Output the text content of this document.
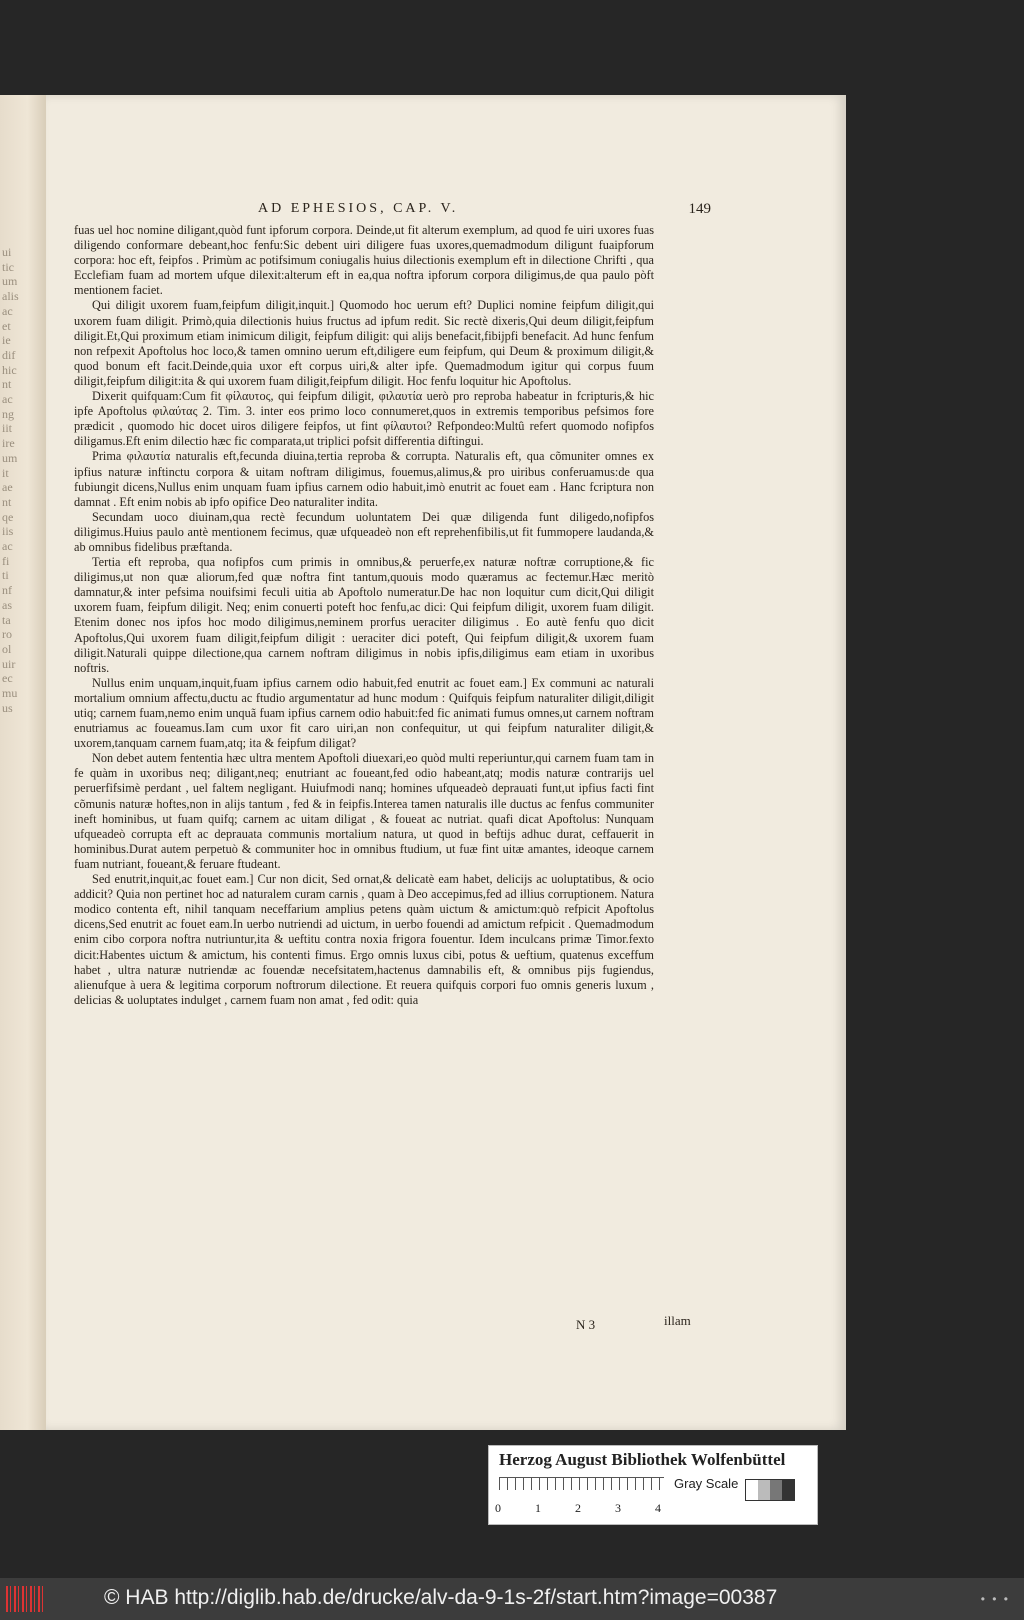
ui
tic
um
alis
ac
et
ie
dif
hic
nt
ac
ng
iit
ire
um
it
ae
nt
qe
iis
ac
fi
ti
nf
as
ta
ro
ol
uir
ec
mu
us
AD EPHESIOS, CAP. V.	149

fuas uel hoc nomine diligant,quòd funt ipforum corpora. Deinde,ut fit alterum exemplum, ad quod fe uiri uxores fuas diligendo conformare debeant,hoc fenfu:Sic debent uiri diligere fuas uxores,quemadmodum diligunt fuaipforum corpora: hoc eft, feipfos . Primùm ac potifsimum coniugalis huius dilectionis exemplum eft in dilectione Chrifti , qua Ecclefiam fuam ad mortem ufque dilexit:alterum eft in ea,qua noftra ipforum corpora diligimus,de qua paulo pòft mentionem faciet.

Qui diligit uxorem fuam,feipfum diligit,inquit.] Quomodo hoc uerum eft? Duplici nomine feipfum diligit,qui uxorem fuam diligit. Primò,quia dilectionis huius fructus ad ipfum redit. Sic rectè dixeris,Qui deum diligit,feipfum diligit.Et,Qui proximum etiam inimicum diligit, feipfum diligit: qui alijs benefacit,fibijpfi benefacit. Ad hunc fenfum non refpexit Apoftolus hoc loco,& tamen omnino uerum eft,diligere eum feipfum, qui Deum & proximum diligit,& quod bonum eft facit.Deinde,quia uxor eft corpus uiri,& alter ipfe. Quemadmodum igitur qui corpus fuum diligit,feipfum diligit:ita & qui uxorem fuam diligit,feipfum diligit. Hoc fenfu loquitur hic Apoftolus.

Dixerit quifquam:Cum fit φίλαυτος, qui feipfum diligit, φιλαυτία uerò pro reproba habeatur in fcripturis,& hic ipfe Apoftolus φιλαύτας 2. Tim. 3. inter eos primo loco connumeret,quos in extremis temporibus pefsimos fore prædicit , quomodo hic docet uiros diligere feipfos, ut fint φίλαυτοι? Refpondeo:Multû refert quomodo nofipfos diligamus.Eft enim dilectio hæc fic comparata,ut triplici pofsit differentia diftingui.

Prima φιλαυτία naturalis eft,fecunda diuina,tertia reproba & corrupta. Naturalis eft, qua cõmuniter omnes ex ipfius naturæ inftinctu corpora & uitam noftram diligimus, fouemus,alimus,& pro uiribus conferuamus:de qua fubiungit dicens,Nullus enim unquam fuam ipfius carnem odio habuit,imò enutrit ac fouet eam . Hanc fcriptura non damnat . Eft enim nobis ab ipfo opifice Deo naturaliter indita.

Secundam uoco diuinam,qua rectè fecundum uoluntatem Dei quæ diligenda funt diligedo,nofipfos diligimus.Huius paulo antè mentionem fecimus, quæ ufqueadeò non eft reprehenfibilis,ut fit fummopere laudanda,& ab omnibus fidelibus præftanda.

Tertia eft reproba, qua nofipfos cum primis in omnibus,& peruerfe,ex naturæ noftræ corruptione,& fic diligimus,ut non quæ aliorum,fed quæ noftra fint tantum,quouis modo quæramus ac fectemur.Hæc meritò damnatur,& inter pefsima nouifsimi feculi uitia ab Apoftolo numeratur.De hac non loquitur cum dicit,Qui diligit uxorem fuam, feipfum diligit. Neq; enim conuerti poteft hoc fenfu,ac dici: Qui feipfum diligit, uxorem fuam diligit. Etenim donec nos ipfos hoc modo diligimus,neminem prorfus ueraciter diligimus . Eo autè fenfu quo dicit Apoftolus,Qui uxorem fuam diligit,feipfum diligit : ueraciter dici poteft, Qui feipfum diligit,& uxorem fuam diligit.Naturali quippe dilectione,qua carnem noftram diligimus in nobis ipfis,diligimus eam etiam in uxoribus noftris.

Nullus enim unquam,inquit,fuam ipfius carnem odio habuit,fed enutrit ac fouet eam.] Ex communi ac naturali mortalium omnium affectu,ductu ac ftudio argumentatur ad hunc modum : Quifquis feipfum naturaliter diligit,diligit utiq; carnem fuam,nemo enim unquã fuam ipfius carnem odio habuit:fed fic animati fumus omnes,ut carnem noftram enutriamus ac foueamus.Iam cum uxor fit caro uiri,an non confequitur, ut qui feipfum naturaliter diligit,& uxorem,tanquam carnem fuam,atq; ita & feipfum diligat?

Non debet autem fententia hæc ultra mentem Apoftoli diuexari,eo quòd multi reperiuntur,qui carnem fuam tam in fe quàm in uxoribus neq; diligant,neq; enutriant ac foueant,fed odio habeant,atq; modis naturæ contrarijs uel peruerfifsimè perdant , uel faltem negligant. Huiufmodi nanq; homines ufqueadeò deprauati funt,ut ipfius facti fint cõmunis naturæ hoftes,non in alijs tantum , fed & in feipfis.Interea tamen naturalis ille ductus ac fenfus communiter ineft hominibus, ut fuam quifq; carnem ac uitam diligat , & foueat ac nutriat. quafi dicat Apoftolus: Nunquam ufqueadeò corrupta eft ac deprauata communis mortalium natura, ut quod in beftijs adhuc durat, ceffauerit in hominibus.Durat autem perpetuò & communiter hoc in omnibus ftudium, ut fuæ fint uitæ amantes, ideoque carnem fuam nutriant, foueant,& feruare ftudeant.

Sed enutrit,inquit,ac fouet eam.] Cur non dicit, Sed ornat,& delicatè eam habet, delicijs ac uoluptatibus, & ocio addicit? Quia non pertinet hoc ad naturalem curam carnis , quam à Deo accepimus,fed ad illius corruptionem. Natura modico contenta eft, nihil tanquam neceffarium amplius petens quàm uictum & amictum:quò refpicit Apoftolus dicens,Sed enutrit ac fouet eam.In uerbo nutriendi ad uictum, in uerbo fouendi ad amictum refpicit . Quemadmodum enim cibo corpora noftra nutriuntur,ita & ueftitu contra noxia frigora fouentur. Idem inculcans primæ Timor.fexto dicit:Habentes uictum & amictum, his contenti fimus. Ergo omnis luxus cibi, potus & ueftium, quatenus exceffum habet , ultra naturæ nutriendæ ac fouendæ necefsitatem,hactenus damnabilis eft, & omnibus pijs fugiendus, alienufque à uera & legitima corporum noftrorum dilectione. Et reuera quifquis corpori fuo omnis generis luxum , delicias & uoluptates indulget , carnem fuam non amat , fed odit: quia

N 3	illam
Herzog August Bibliothek Wolfenbüttel
0	1	2	3	4
Gray Scale
© HAB http://diglib.hab.de/drucke/alv-da-9-1s-2f/start.htm?image=00387	• • •
